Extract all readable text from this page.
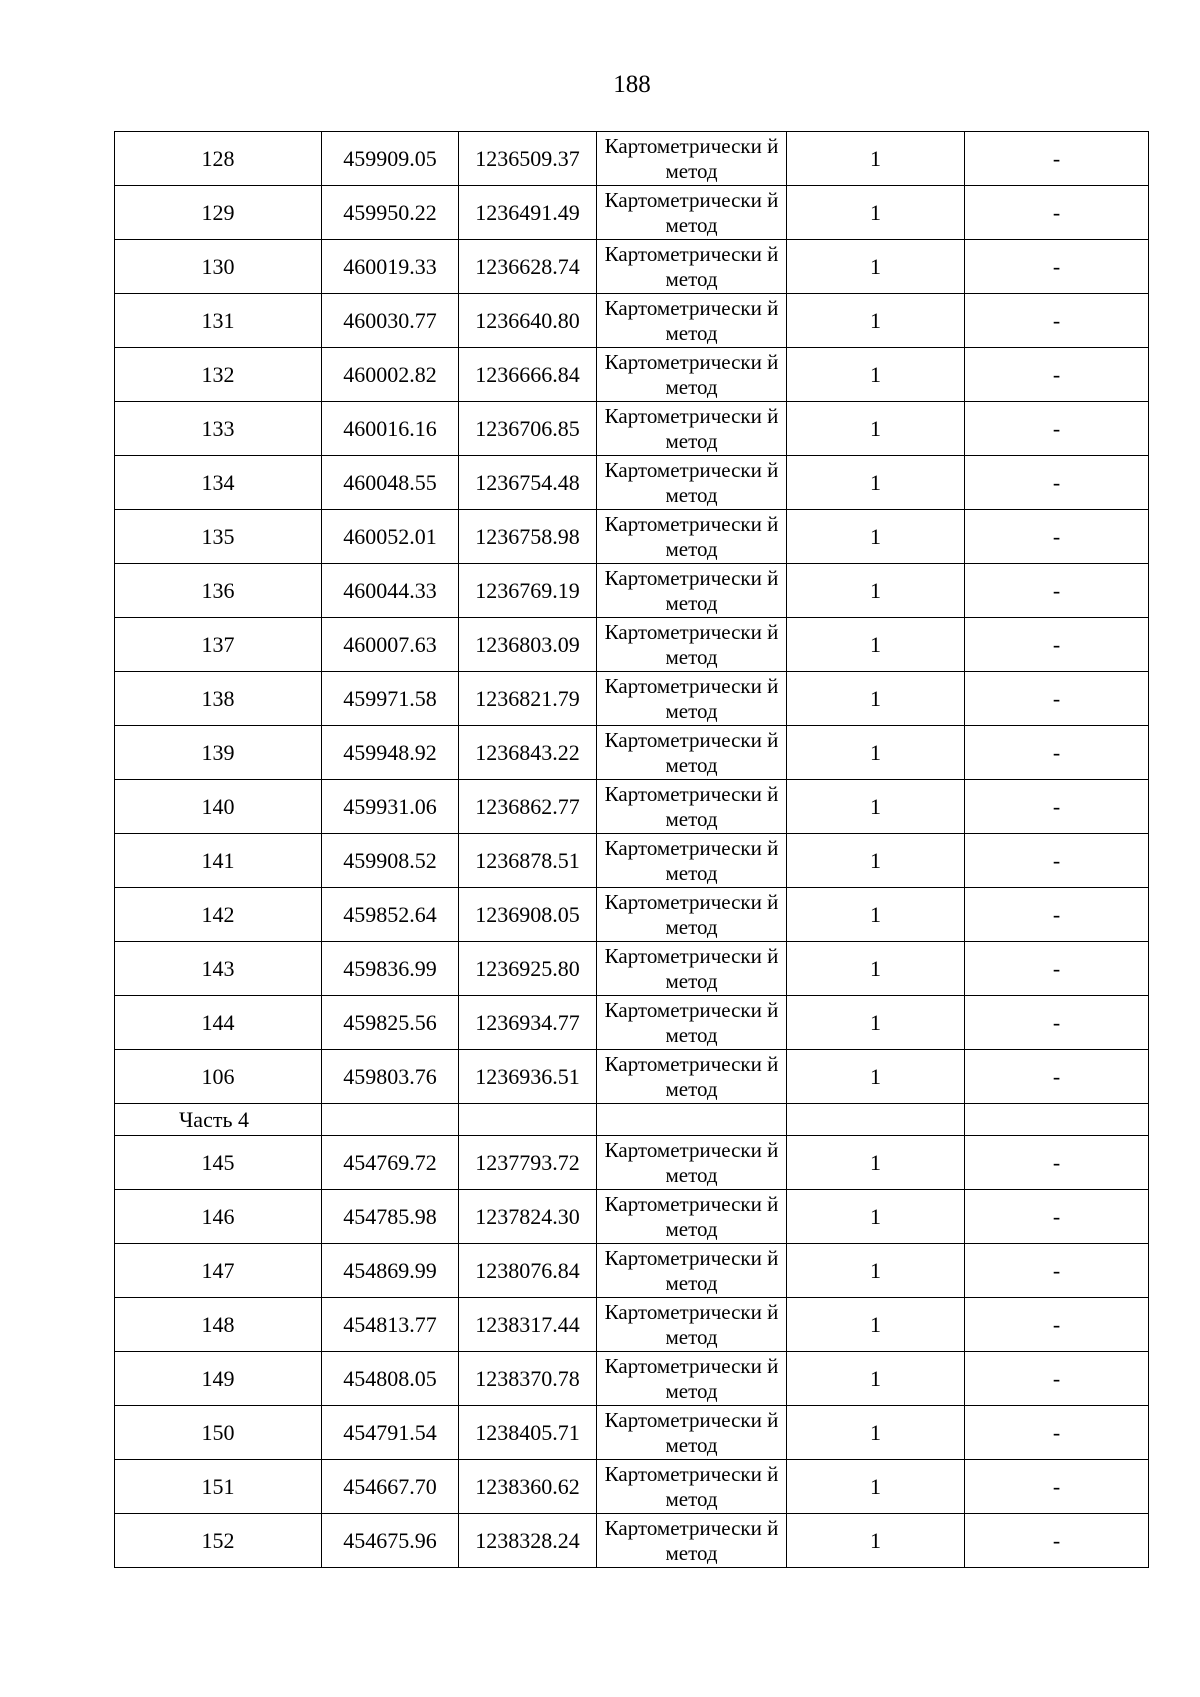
188
128	459909.05	1236509.37	Картометрически й метод	1	-
129	459950.22	1236491.49	Картометрически й метод	1	-
130	460019.33	1236628.74	Картометрически й метод	1	-
131	460030.77	1236640.80	Картометрически й метод	1	-
132	460002.82	1236666.84	Картометрически й метод	1	-
133	460016.16	1236706.85	Картометрически й метод	1	-
134	460048.55	1236754.48	Картометрически й метод	1	-
135	460052.01	1236758.98	Картометрически й метод	1	-
136	460044.33	1236769.19	Картометрически й метод	1	-
137	460007.63	1236803.09	Картометрически й метод	1	-
138	459971.58	1236821.79	Картометрически й метод	1	-
139	459948.92	1236843.22	Картометрически й метод	1	-
140	459931.06	1236862.77	Картометрически й метод	1	-
141	459908.52	1236878.51	Картометрически й метод	1	-
142	459852.64	1236908.05	Картометрически й метод	1	-
143	459836.99	1236925.80	Картометрически й метод	1	-
144	459825.56	1236934.77	Картометрически й метод	1	-
106	459803.76	1236936.51	Картометрически й метод	1	-
Часть 4					
145	454769.72	1237793.72	Картометрически й метод	1	-
146	454785.98	1237824.30	Картометрически й метод	1	-
147	454869.99	1238076.84	Картометрически й метод	1	-
148	454813.77	1238317.44	Картометрически й метод	1	-
149	454808.05	1238370.78	Картометрически й метод	1	-
150	454791.54	1238405.71	Картометрически й метод	1	-
151	454667.70	1238360.62	Картометрически й метод	1	-
152	454675.96	1238328.24	Картометрически й метод	1	-
